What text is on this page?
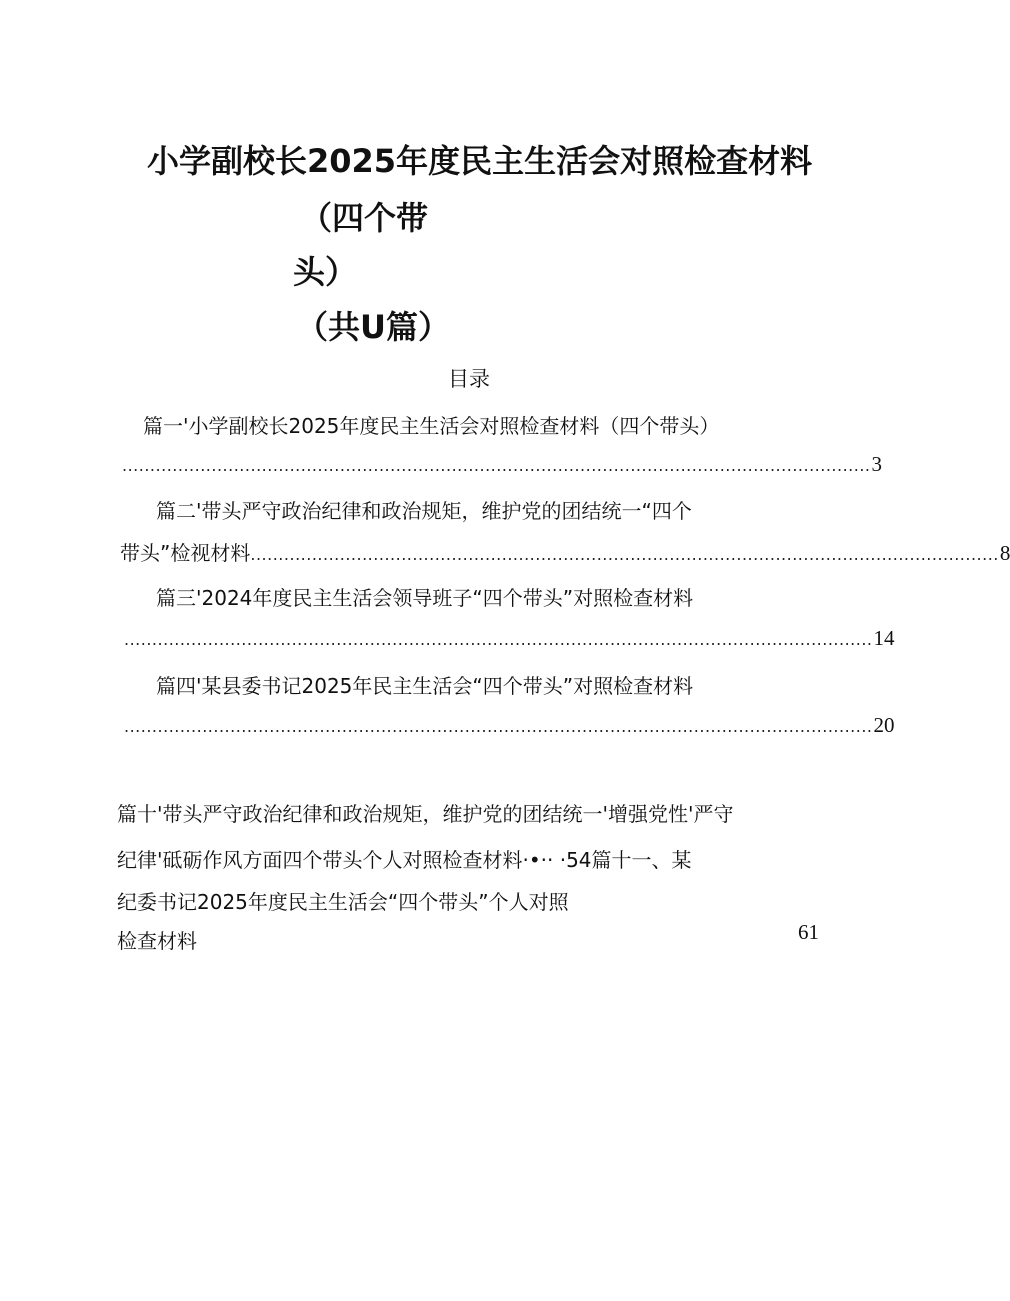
小学副校长2025年度民主生活会对照检查材料
（四个带
头）
（共U篇）
目录
篇一'小学副校长2025年度民主生活会对照检查材料（四个带头）
...................................................................................................................................... 3
篇二'带头严守政治纪律和政治规矩，维护党的团结统一“四个
带头”检视材料 ...................................................................................................................................... 8
篇三'2024年度民主生活会领导班子“四个带头”对照检查材料
...................................................................................................................................... 14
篇四'某县委书记2025年民主生活会“四个带头”对照检查材料
...................................................................................................................................... 20
篇十'带头严守政治纪律和政治规矩，维护党的团结统一'增强党性'严守
纪律'砥砺作风方面四个带头个人对照检查材料·•·· ·54篇十一、某
纪委书记2025年度民主生活会“四个带头”个人对照
检查材料	61
